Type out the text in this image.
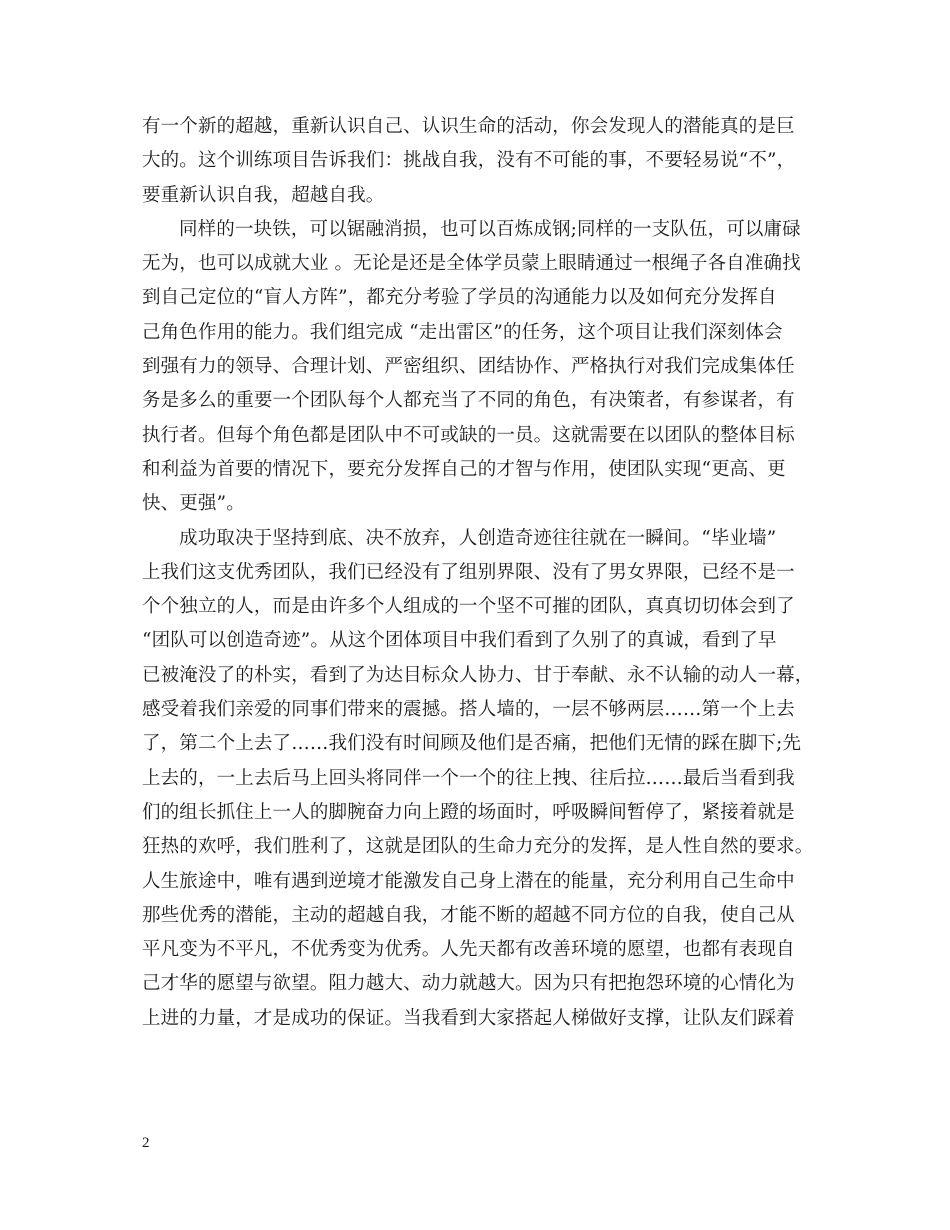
有一个新的超越，重新认识自己、认识生命的活动，你会发现人的潜能真的是巨
大的。这个训练项目告诉我们：挑战自我，没有不可能的事，不要轻易说“不”，
要重新认识自我，超越自我。
同样的一块铁，可以锯融消损，也可以百炼成钢;同样的一支队伍，可以庸碌
无为，也可以成就大业 。无论是还是全体学员蒙上眼睛通过一根绳子各自准确找
到自己定位的“盲人方阵”，都充分考验了学员的沟通能力以及如何充分发挥自
己角色作用的能力。我们组完成 “走出雷区”的任务，这个项目让我们深刻体会
到强有力的领导、合理计划、严密组织、团结协作、严格执行对我们完成集体任
务是多么的重要一个团队每个人都充当了不同的角色，有决策者，有参谋者，有
执行者。但每个角色都是团队中不可或缺的一员。这就需要在以团队的整体目标
和利益为首要的情况下，要充分发挥自己的才智与作用，使团队实现“更高、更
快、更强”。
成功取决于坚持到底、决不放弃，人创造奇迹往往就在一瞬间。“毕业墙”
上我们这支优秀团队，我们已经没有了组别界限、没有了男女界限，已经不是一
个个独立的人，而是由许多个人组成的一个坚不可摧的团队，真真切切体会到了
“团队可以创造奇迹”。从这个团体项目中我们看到了久别了的真诚，看到了早
已被淹没了的朴实，看到了为达目标众人协力、甘于奉献、永不认输的动人一幕，
感受着我们亲爱的同事们带来的震撼。搭人墙的，一层不够两层……第一个上去
了，第二个上去了……我们没有时间顾及他们是否痛，把他们无情的踩在脚下;先
上去的，一上去后马上回头将同伴一个一个的往上拽、往后拉……最后当看到我
们的组长抓住上一人的脚腕奋力向上蹬的场面时，呼吸瞬间暂停了，紧接着就是
狂热的欢呼，我们胜利了，这就是团队的生命力充分的发挥，是人性自然的要求。
人生旅途中，唯有遇到逆境才能激发自己身上潜在的能量，充分利用自己生命中
那些优秀的潜能，主动的超越自我，才能不断的超越不同方位的自我，使自己从
平凡变为不平凡，不优秀变为优秀。人先天都有改善环境的愿望，也都有表现自
己才华的愿望与欲望。阻力越大、动力就越大。因为只有把抱怨环境的心情化为
上进的力量，才是成功的保证。当我看到大家搭起人梯做好支撑，让队友们踩着
2
